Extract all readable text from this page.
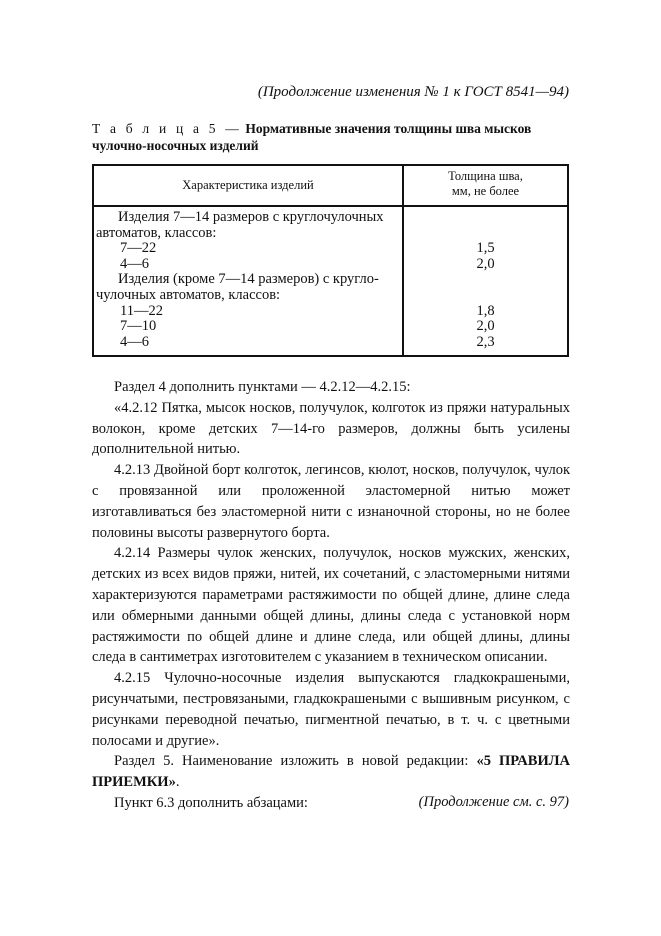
(Продолжение изменения № 1 к ГОСТ 8541—94)
Т а б л и ц а 5 — Нормативные значения толщины шва мысков чулочно-носочных изделий
Характеристика изделий
Толщина шва,
мм, не более
Изделия 7—14 размеров с круглочулочных
автоматов, классов:
7—22
4—6
Изделия (кроме 7—14 размеров) с кругло-
чулочных автоматов, классов:
11—22
7—10
4—6

1,5
2,0

1,8
2,0
2,3

Раздел 4 дополнить пунктами — 4.2.12—4.2.15:

«4.2.12 Пятка, мысок носков, получулок, колготок из пряжи натуральных волокон, кроме детских 7—14-го размеров, должны быть усилены дополнительной нитью.

4.2.13 Двойной борт колготок, легинсов, кюлот, носков, получулок, чулок с провязанной или проложенной эластомерной нитью может изготавливаться без эластомерной нити с изнаночной стороны, но не более половины высоты развернутого борта.

4.2.14 Размеры чулок женских, получулок, носков мужских, женских, детских из всех видов пряжи, нитей, их сочетаний, с эластомерными нитями характеризуются параметрами растяжимости по общей длине, длине следа или обмерными данными общей длины, длины следа с установкой норм растяжимости по общей длине и длине следа, или общей длины, длины следа в сантиметрах изготовителем с указанием в техническом описании.

4.2.15 Чулочно-носочные изделия выпускаются гладкокрашеными, рисунчатыми, пестровязаными, гладкокрашеными с вышивным рисунком, с рисунками переводной печатью, пигментной печатью, в т. ч. с цветными полосами и другие».

Раздел 5. Наименование изложить в новой редакции: «5 ПРАВИЛА ПРИЕМКИ».

Пункт 6.3 дополнить абзацами:	(Продолжение см. с. 97)
